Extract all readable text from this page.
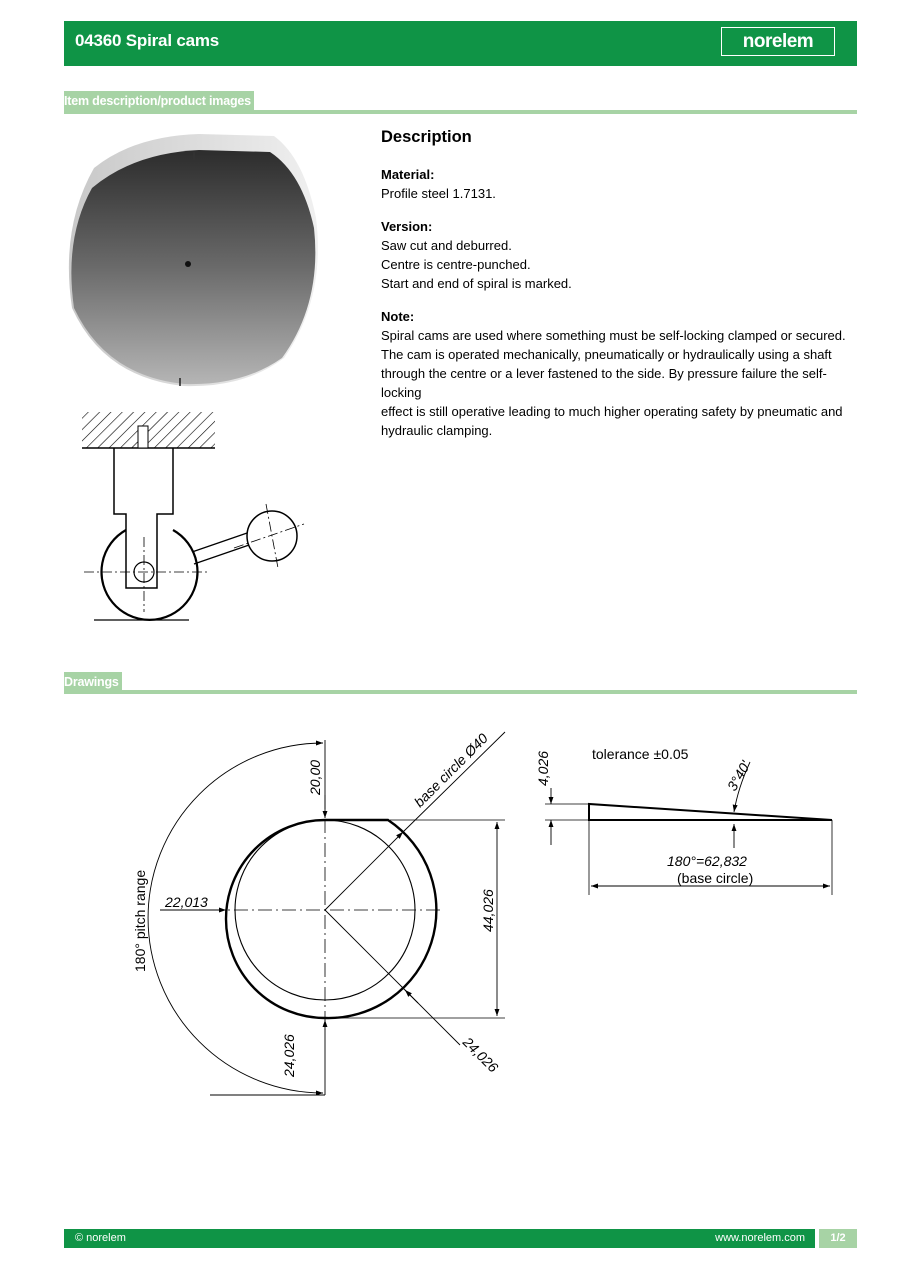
04360 Spiral cams	norelem
Item description/product images
Description

Material:

Profile steel 1.7131.

Version:

Saw cut and deburred.

Centre is centre-punched.

Start and end of spiral is marked.

Note:

Spiral cams are used where something must be self-locking clamped or secured.

The cam is operated mechanically, pneumatically or hydraulically using a shaft

through the centre or a lever fastened to the side. By pressure failure the self-locking

effect is still operative leading to much higher operating safety by pneumatic and

hydraulic clamping.

Drawings
20,00	base circle Ø40
22,013
180° pitch range	44,026
24,026	24,026
4,026	tolerance ±0.05
3°40'
180°=62,832
(base circle)
© norelem	www.norelem.com	1/2
